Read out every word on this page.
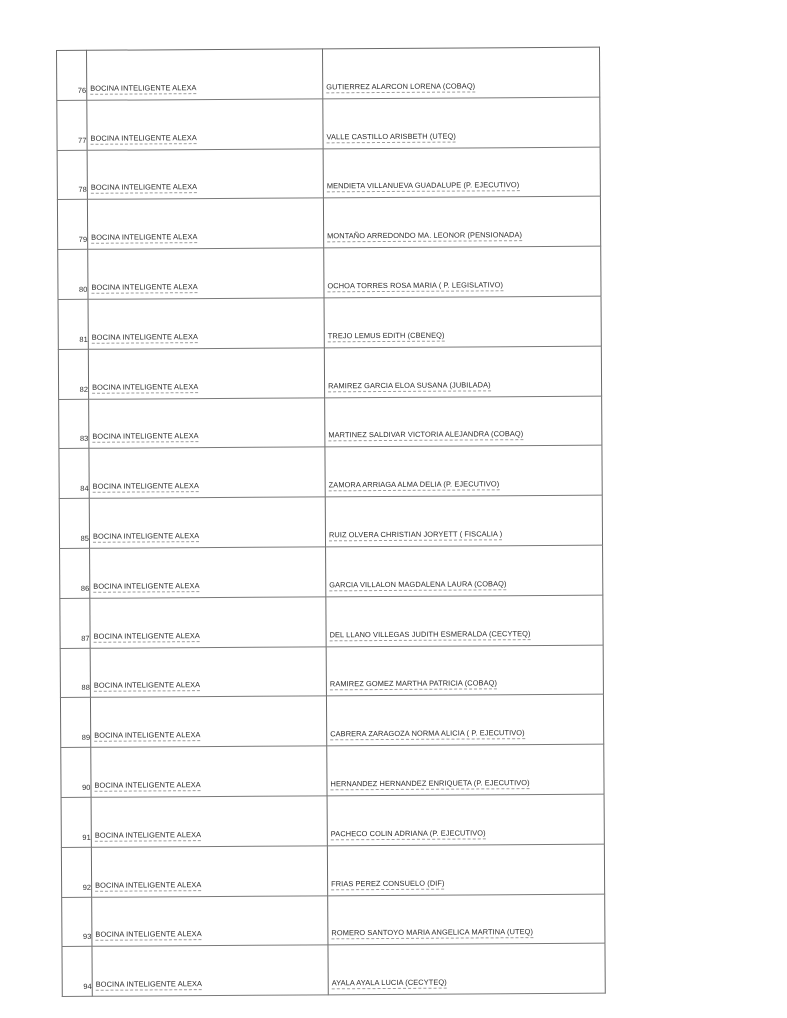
76	BOCINA INTELIGENTE ALEXA	GUTIERREZ ALARCON LORENA (COBAQ)
77	BOCINA INTELIGENTE ALEXA	VALLE CASTILLO ARISBETH (UTEQ)
78	BOCINA INTELIGENTE ALEXA	MENDIETA VILLANUEVA GUADALUPE (P. EJECUTIVO)
79	BOCINA INTELIGENTE ALEXA	MONTAÑO ARREDONDO MA. LEONOR (PENSIONADA)
80	BOCINA INTELIGENTE ALEXA	OCHOA TORRES ROSA MARIA ( P. LEGISLATIVO)
81	BOCINA INTELIGENTE ALEXA	TREJO LEMUS EDITH (CBENEQ)
82	BOCINA INTELIGENTE ALEXA	RAMIREZ GARCIA ELOA SUSANA (JUBILADA)
83	BOCINA INTELIGENTE ALEXA	MARTINEZ SALDIVAR VICTORIA ALEJANDRA (COBAQ)
84	BOCINA INTELIGENTE ALEXA	ZAMORA ARRIAGA ALMA DELIA (P. EJECUTIVO)
85	BOCINA INTELIGENTE ALEXA	RUIZ OLVERA CHRISTIAN JORYETT ( FISCALIA )
86	BOCINA INTELIGENTE ALEXA	GARCIA VILLALON MAGDALENA LAURA (COBAQ)
87	BOCINA INTELIGENTE ALEXA	DEL LLANO VILLEGAS JUDITH ESMERALDA (CECYTEQ)
88	BOCINA INTELIGENTE ALEXA	RAMIREZ GOMEZ MARTHA PATRICIA (COBAQ)
89	BOCINA INTELIGENTE ALEXA	CABRERA ZARAGOZA NORMA ALICIA ( P. EJECUTIVO)
90	BOCINA INTELIGENTE ALEXA	HERNANDEZ HERNANDEZ ENRIQUETA (P. EJECUTIVO)
91	BOCINA INTELIGENTE ALEXA	PACHECO COLIN ADRIANA (P. EJECUTIVO)
92	BOCINA INTELIGENTE ALEXA	FRIAS PEREZ CONSUELO (DIF)
93	BOCINA INTELIGENTE ALEXA	ROMERO SANTOYO MARIA ANGELICA MARTINA (UTEQ)
94	BOCINA INTELIGENTE ALEXA	AYALA AYALA LUCIA (CECYTEQ)
